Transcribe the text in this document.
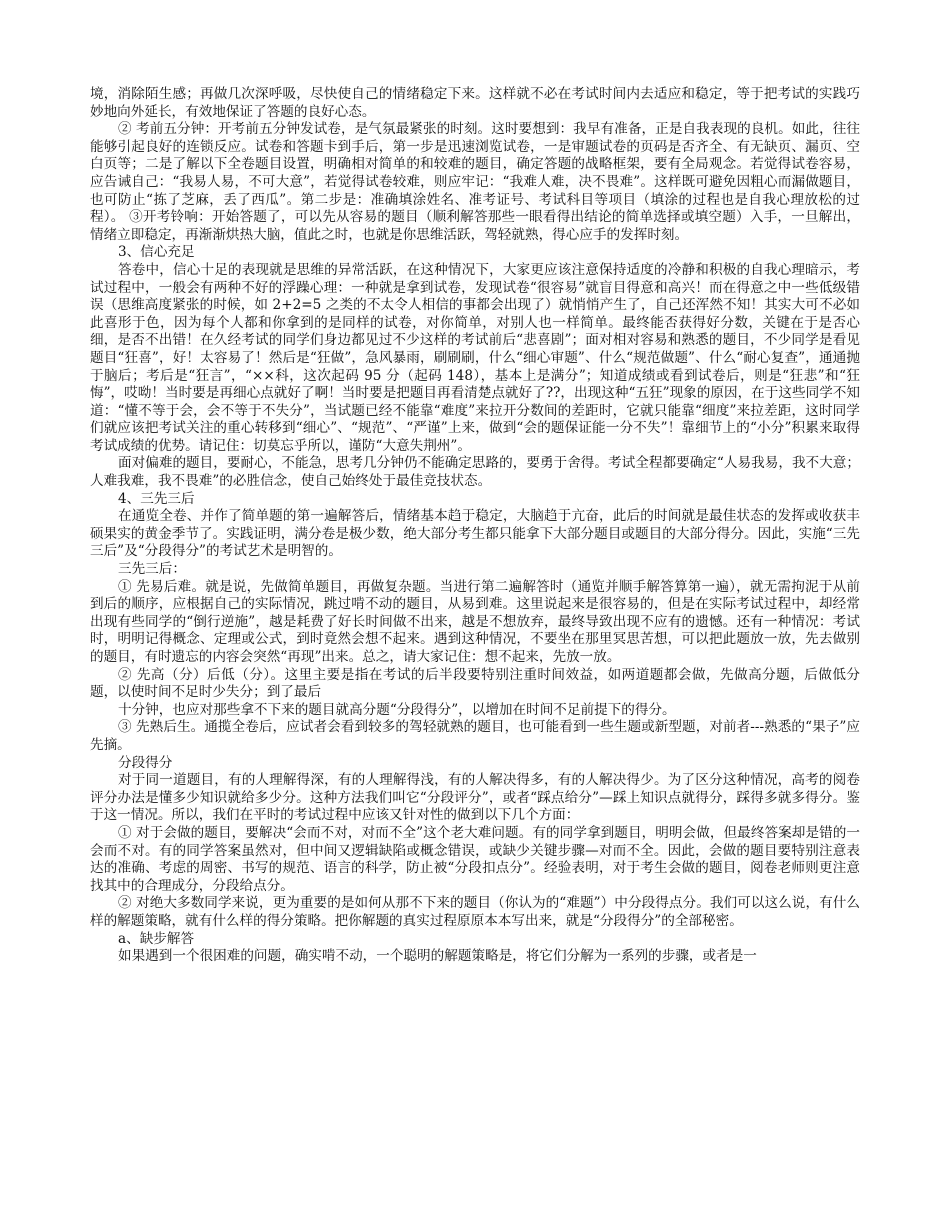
境，消除陌生感；再做几次深呼吸，尽快使自己的情绪稳定下来。这样就不必在考试时间内去适应和稳定，等于把考试的实践巧妙地向外延长，有效地保证了答题的良好心态。

② 考前五分钟：开考前五分钟发试卷，是气氛最紧张的时刻。这时要想到：我早有准备，正是自我表现的良机。如此，往往能够引起良好的连锁反应。试卷和答题卡到手后，第一步是迅速浏览试卷，一是审题试卷的页码是否齐全、有无缺页、漏页、空白页等；二是了解以下全卷题目设置，明确相对简单的和较难的题目，确定答题的战略框架，要有全局观念。若觉得试卷容易，应告诫自己：“我易人易，不可大意”，若觉得试卷较难，则应牢记：“我难人难，决不畏难”。这样既可避免因粗心而漏做题目，也可防止“拣了芝麻，丢了西瓜”。第二步是：准确填涂姓名、准考证号、考试科目等项目（填涂的过程也是自我心理放松的过程）。 ③开考铃响：开始答题了，可以先从容易的题目（顺利解答那些一眼看得出结论的简单选择或填空题）入手，一旦解出，情绪立即稳定，再渐渐烘热大脑，值此之时，也就是你思维活跃，驾轻就熟，得心应手的发挥时刻。

3、信心充足

答卷中，信心十足的表现就是思维的异常活跃，在这种情况下，大家更应该注意保持适度的冷静和积极的自我心理暗示，考试过程中，一般会有两种不好的浮躁心理：一种就是拿到试卷，发现试卷“很容易”就盲目得意和高兴！而在得意之中一些低级错误（思维高度紧张的时候，如 2+2=5 之类的不太令人相信的事都会出现了）就悄悄产生了，自己还浑然不知！其实大可不必如此喜形于色，因为每个人都和你拿到的是同样的试卷，对你简单，对别人也一样简单。最终能否获得好分数，关键在于是否心细，是否不出错！在久经考试的同学们身边都见过不少这样的考试前后“悲喜剧”；面对相对容易和熟悉的题目，不少同学是看见题目“狂喜”，好！太容易了！然后是“狂做”，急风暴雨，刷刷刷，什么“细心审题”、什么“规范做题”、什么“耐心复查”，通通抛于脑后；考后是“狂言”，“××科，这次起码 95 分（起码 148），基本上是满分”；知道成绩或看到试卷后，则是“狂悲”和“狂悔”，哎呦！当时要是再细心点就好了啊！当时要是把题目再看清楚点就好了??，出现这种“五狂”现象的原因，在于这些同学不知道：“懂不等于会，会不等于不失分”，当试题已经不能靠“难度”来拉开分数间的差距时，它就只能靠“细度”来拉差距，这时同学们就应该把考试关注的重心转移到“细心”、“规范”、“严谨”上来，做到“会的题保证能一分不失”！靠细节上的“小分”积累来取得考试成绩的优势。请记住：切莫忘乎所以，谨防“大意失荆州”。

面对偏难的题目，要耐心，不能急，思考几分钟仍不能确定思路的，要勇于舍得。考试全程都要确定“人易我易，我不大意；人难我难，我不畏难”的必胜信念，使自己始终处于最佳竞技状态。

4、三先三后

在通览全卷、并作了简单题的第一遍解答后，情绪基本趋于稳定，大脑趋于亢奋，此后的时间就是最佳状态的发挥或收获丰硕果实的黄金季节了。实践证明，满分卷是极少数，绝大部分考生都只能拿下大部分题目或题目的大部分得分。因此，实施“三先三后”及“分段得分”的考试艺术是明智的。

三先三后：

① 先易后难。就是说，先做简单题目，再做复杂题。当进行第二遍解答时（通览并顺手解答算第一遍），就无需拘泥于从前到后的顺序，应根据自己的实际情况，跳过啃不动的题目，从易到难。这里说起来是很容易的，但是在实际考试过程中，却经常出现有些同学的“倒行逆施”，越是耗费了好长时间做不出来，越是不想放弃，最终导致出现不应有的遗憾。还有一种情况：考试时，明明记得概念、定理或公式，到时竟然会想不起来。遇到这种情况，不要坐在那里冥思苦想，可以把此题放一放，先去做别的题目，有时遗忘的内容会突然“再现”出来。总之，请大家记住：想不起来，先放一放。

② 先高（分）后低（分）。这里主要是指在考试的后半段要特别注重时间效益，如两道题都会做，先做高分题，后做低分题，以使时间不足时少失分；到了最后

十分钟，也应对那些拿不下来的题目就高分题“分段得分”，以增加在时间不足前提下的得分。

③ 先熟后生。通揽全卷后，应试者会看到较多的驾轻就熟的题目，也可能看到一些生题或新型题，对前者---熟悉的“果子”应先摘。

分段得分

对于同一道题目，有的人理解得深，有的人理解得浅，有的人解决得多，有的人解决得少。为了区分这种情况，高考的阅卷评分办法是懂多少知识就给多少分。这种方法我们叫它“分段评分”，或者“踩点给分”—踩上知识点就得分，踩得多就多得分。鉴于这一情况。所以，我们在平时的考试过程中应该又针对性的做到以下几个方面：

① 对于会做的题目，要解决“会而不对，对而不全”这个老大难问题。有的同学拿到题目，明明会做，但最终答案却是错的一会而不对。有的同学答案虽然对，但中间又逻辑缺陷或概念错误，或缺少关键步骤—对而不全。因此，会做的题目要特别注意表达的准确、考虑的周密、书写的规范、语言的科学，防止被“分段扣点分”。经验表明，对于考生会做的题目，阅卷老师则更注意找其中的合理成分，分段给点分。

② 对绝大多数同学来说，更为重要的是如何从那不下来的题目（你认为的“难题”）中分段得点分。我们可以这么说，有什么样的解题策略，就有什么样的得分策略。把你解题的真实过程原原本本写出来，就是“分段得分”的全部秘密。

a、缺步解答

如果遇到一个很困难的问题，确实啃不动，一个聪明的解题策略是，将它们分解为一系列的步骤，或者是一
